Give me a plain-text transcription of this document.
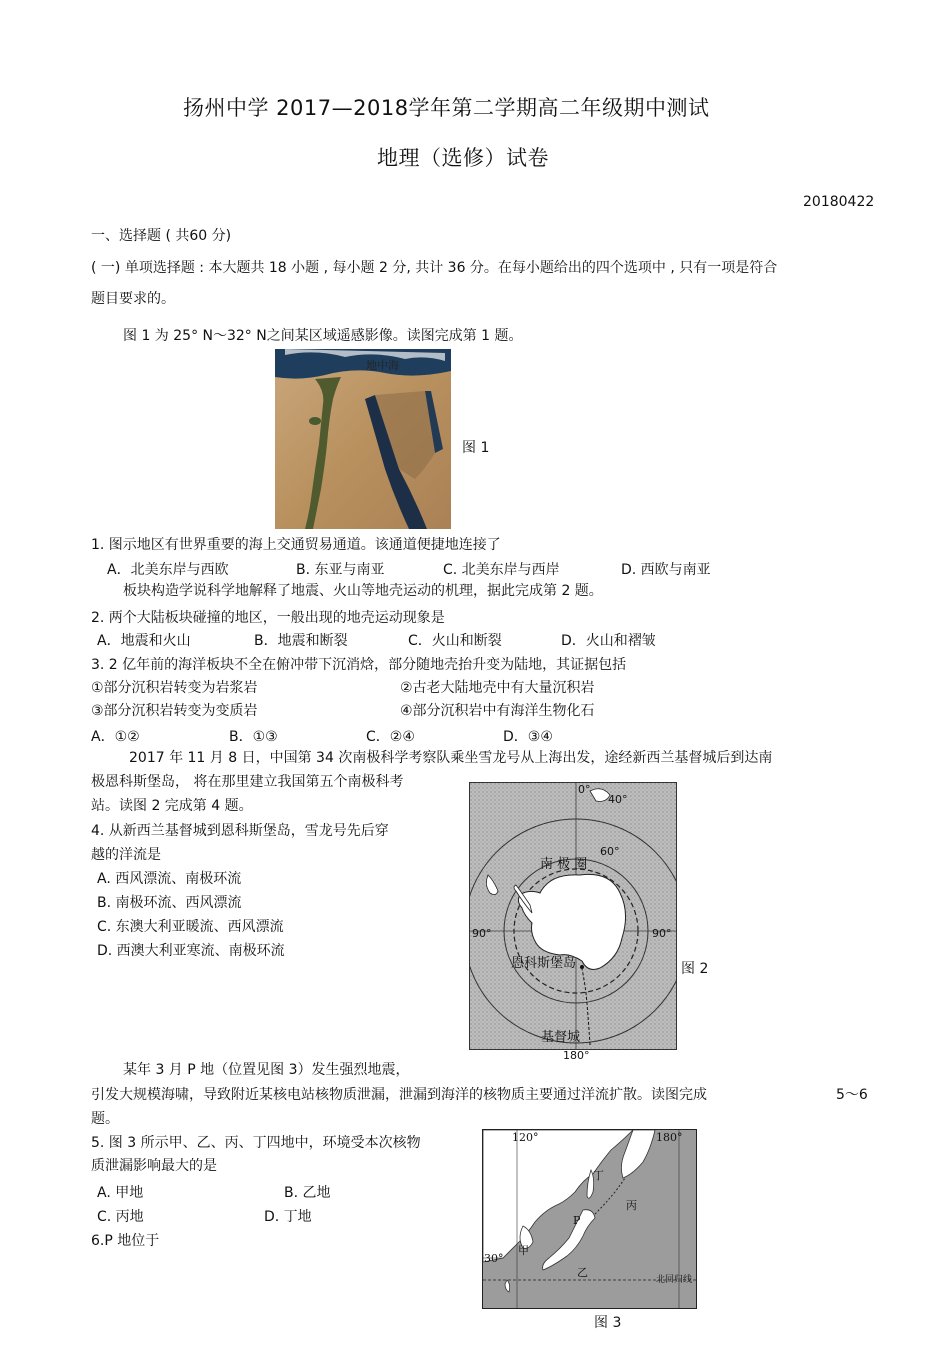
扬州中学 2017—2018学年第二学期高二年级期中测试
地理（选修）试卷
20180422
一、选择题 ( 共60 分)
( 一) 单项选择题 : 本大题共 18 小题 , 每小题 2 分, 共计 36 分。在每小题给出的四个选项中 , 只有一项是符合
题目要求的。
图 1 为 25° N～32° N之间某区域遥感影像。读图完成第 1 题。
地中海
图 1
1. 图示地区有世界重要的海上交通贸易通道。该通道便捷地连接了
A．北美东岸与西欧	B. 东亚与南亚	C. 北美东岸与西岸	D. 西欧与南亚
板块构造学说科学地解释了地震、火山等地壳运动的机理，据此完成第 2 题。
2. 两个大陆板块碰撞的地区，一般出现的地壳运动现象是
A．地震和火山	B．地震和断裂	C．火山和断裂	D．火山和褶皱
3. 2 亿年前的海洋板块不全在俯冲带下沉消焓，部分随地壳抬升变为陆地，其证据包括
①部分沉积岩转变为岩浆岩	②古老大陆地壳中有大量沉积岩
③部分沉积岩转变为变质岩	④部分沉积岩中有海洋生物化石
A．①②	B．①③	C．②④	D．③④
2017 年 11 月 8 日，中国第 34 次南极科学考察队乘坐雪龙号从上海出发，途经新西兰基督城后到达南
极恩科斯堡岛， 将在那里建立我国第五个南极科考
站。读图 2 完成第 4 题。
4. 从新西兰基督城到恩科斯堡岛，雪龙号先后穿
越的洋流是
A. 西风漂流、南极环流
B. 南极环流、西风漂流
C. 东澳大利亚暖流、西风漂流
D. 西澳大利亚寒流、南极环流
0°
40°
60°
90°	90°
180°
南 极 圈
恩科斯堡岛
基督城
图 2
某年 3 月 P 地（位置见图 3）发生强烈地震，
引发大规模海啸，导致附近某核电站核物质泄漏，泄漏到海洋的核物质主要通过洋流扩散。读图完成	5～6
题。
5. 图 3 所示甲、乙、丙、丁四地中，环境受本次核物
质泄漏影响最大的是
A. 甲地	B. 乙地
C. 丙地	D. 丁地
6.P 地位于
120°	180°
30°
丁
丙
P
甲
乙
北回归线
图 3
